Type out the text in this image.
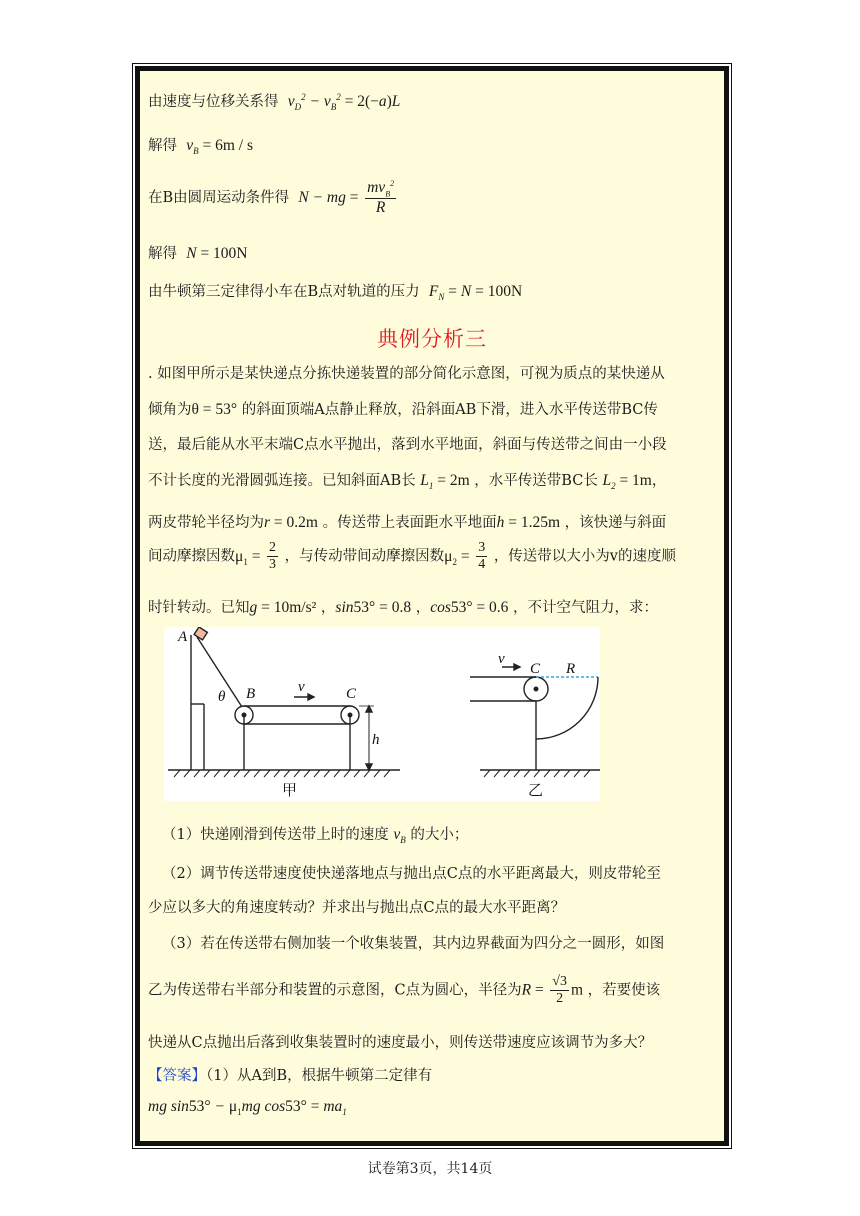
由速度与位移关系得 $v_D^2 - v_B^2 = 2(-a)L$
解得 $v_B = 6m / s$
在B由圆周运动条件得 N − mg = $\frac{mv_B^2}{R}$
解得 N = 100N
由牛顿第三定律得小车在B点对轨道的压力 $F_N = N = 100N$
典例分析三
. 如图甲所示是某快递点分拣快递装置的部分简化示意图，可视为质点的某快递从
倾角为θ = 53° 的斜面顶端A点静止释放，沿斜面AB下滑，进入水平传送带BC传
送，最后能从水平末端C点水平抛出，落到水平地面，斜面与传送带之间由一小段
不计长度的光滑圆弧连接。已知斜面AB长 $L_1 = 2m$ ，水平传送带BC长 $L_2 = 1m$，
两皮带轮半径均为r = 0.2m 。传送带上表面距水平地面h = 1.25m ，该快递与斜面
间动摩擦因数$\mu_1 = \frac{2}{3}$ ，与传动带间动摩擦因数$\mu_2 = \frac{3}{4}$ ，传送带以大小为v的速度顺
时针转动。已知g = 10m/s² ，sin53° = 0.8 ，cos53° = 0.6 ，不计空气阻力，求：
（1）快递刚滑到传送带上时的速度 $v_B$ 的大小；
（2）调节传送带速度使快递落地点与抛出点C点的水平距离最大，则皮带轮至
少应以多大的角速度转动？并求出与抛出点C点的最大水平距离？
（3）若在传送带右侧加装一个收集装置，其内边界截面为四分之一圆形，如图
乙为传送带右半部分和装置的示意图，C点为圆心，半径为$R = \frac{√3}{2}$ m ，若要使该
快递从C点抛出后落到收集装置时的速度最小，则传送带速度应该调节为多大？
【答案】（1）从A到B，根据牛顿第二定律有
mg $\sin 53^\circ - \mu_1mg$ $\cos 53^\circ = ma_1$
A
θ B	v	C
h
v
C R
甲	乙
试卷第3页，共14页
